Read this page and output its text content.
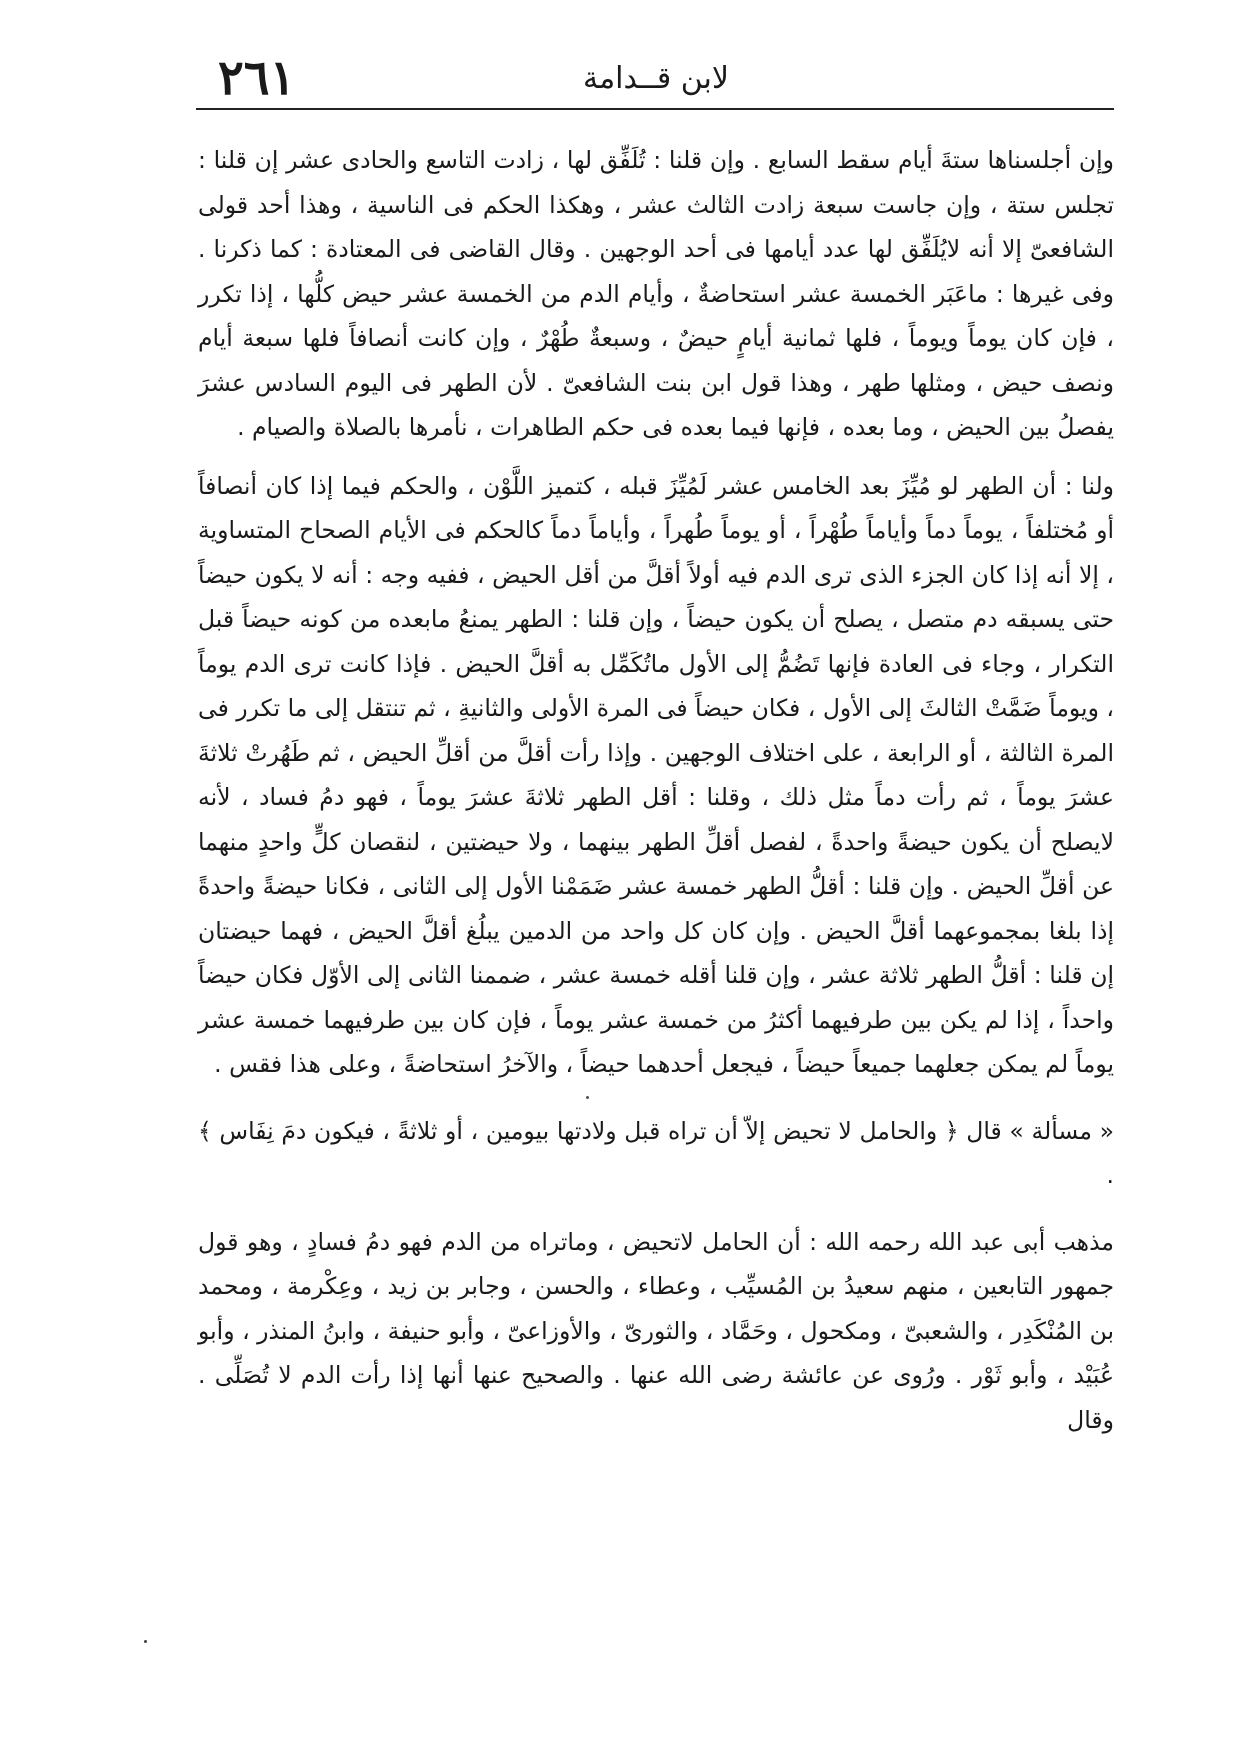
لابن قــدامة
٢٦١

وإن أجلسناها ستةَ أيام سقط السابع . وإن قلنا : تُلَفِّق لها ، زادت التاسع والحادى عشر إن قلنا : تجلس ستة ، وإن جاست سبعة زادت الثالث عشر ، وهكذا الحكم فى الناسية ، وهذا أحد قولى الشافعىّ إلا أنه لايُلَفِّق لها عدد أيامها فى أحد الوجهين . وقال القاضى فى المعتادة : كما ذكرنا . وفى غيرها : ماعَبَر الخمسة عشر استحاضةٌ ، وأيام الدم من الخمسة عشر حيض كلُّها ، إذا تكرر ، فإن كان يوماً ويوماً ، فلها ثمانية أيامٍ حيضٌ ، وسبعةٌ طُهْرٌ ، وإن كانت أنصافاً فلها سبعة أيام ونصف حيض ، ومثلها طهر ، وهذا قول ابن بنت الشافعىّ . لأن الطهر فى اليوم السادس عشرَ يفصلُ بين الحيض ، وما بعده ، فإنها فيما بعده فى حكم الطاهرات ، نأمرها بالصلاة والصيام .

ولنا : أن الطهر لو مُيِّزَ بعد الخامس عشر لَمُيِّزَ قبله ، كتميز اللَّوْن ، والحكم فيما إذا كان أنصافاً أو مُختلفاً ، يوماً دماً وأياماً طُهْراً ، أو يوماً طُهراً ، وأياماً دماً كالحكم فى الأيام الصحاح المتساوية ، إلا أنه إذا كان الجزء الذى ترى الدم فيه أولاً أقلَّ من أقل الحيض ، ففيه وجه : أنه لا يكون حيضاً حتى يسبقه دم متصل ، يصلح أن يكون حيضاً ، وإن قلنا : الطهر يمنعُ مابعده من كونه حيضاً قبل التكرار ، وجاء فى العادة فإنها تَضُمُّ إلى الأول ماتُكَمِّل به أقلَّ الحيض . فإذا كانت ترى الدم يوماً ، ويوماً ضَمَّتْ الثالثَ إلى الأول ، فكان حيضاً فى المرة الأولى والثانيةِ ، ثم تنتقل إلى ما تكرر فى المرة الثالثة ، أو الرابعة ، على اختلاف الوجهين . وإذا رأت أقلَّ من أقلِّ الحيض ، ثم طَهُرتْ ثلاثةَ عشرَ يوماً ، ثم رأت دماً مثل ذلك ، وقلنا : أقل الطهر ثلاثةَ عشرَ يوماً ، فهو دمُ فساد ، لأنه لايصلح أن يكون حيضةً واحدةً ، لفصل أقلِّ الطهر بينهما ، ولا حيضتين ، لنقصان كلٍّ واحدٍ منهما عن أقلِّ الحيض . وإن قلنا : أقلُّ الطهر خمسة عشر ضَمَمْنا الأول إلى الثانى ، فكانا حيضةً واحدةً إذا بلغا بمجموعهما أقلَّ الحيض . وإن كان كل واحد من الدمين يبلُغ أقلَّ الحيض ، فهما حيضتان إن قلنا : أقلُّ الطهر ثلاثة عشر ، وإن قلنا أقله خمسة عشر ، ضممنا الثانى إلى الأوّل فكان حيضاً واحداً ، إذا لم يكن بين طرفيهما أكثرُ من خمسة عشر يوماً ، فإن كان بين طرفيهما خمسة عشر يوماً لم يمكن جعلهما جميعاً حيضاً ، فيجعل أحدهما حيضاً ، والآخرُ استحاضةً ، وعلى هذا فقس .

« مسألة » قال ﴿ والحامل لا تحيض إلاّ أن تراه قبل ولادتها بيومين ، أو ثلاثةً ، فيكون دمَ نِفَاس ﴾ .

مذهب أبى عبد الله رحمه الله : أن الحامل لاتحيض ، وماتراه من الدم فهو دمُ فسادٍ ، وهو قول جمهور التابعين ، منهم سعيدُ بن المُسيِّب ، وعطاء ، والحسن ، وجابر بن زيد ، وعِكْرمة ، ومحمد بن المُنْكَدِر ، والشعبىّ ، ومكحول ، وحَمَّاد ، والثورىّ ، والأوزاعىّ ، وأبو حنيفة ، وابنُ المنذر ، وأبو عُبَيْد ، وأبو ثَوْر . ورُوى عن عائشة رضى الله عنها . والصحيح عنها أنها إذا رأت الدم لا تُصَلِّى . وقال
